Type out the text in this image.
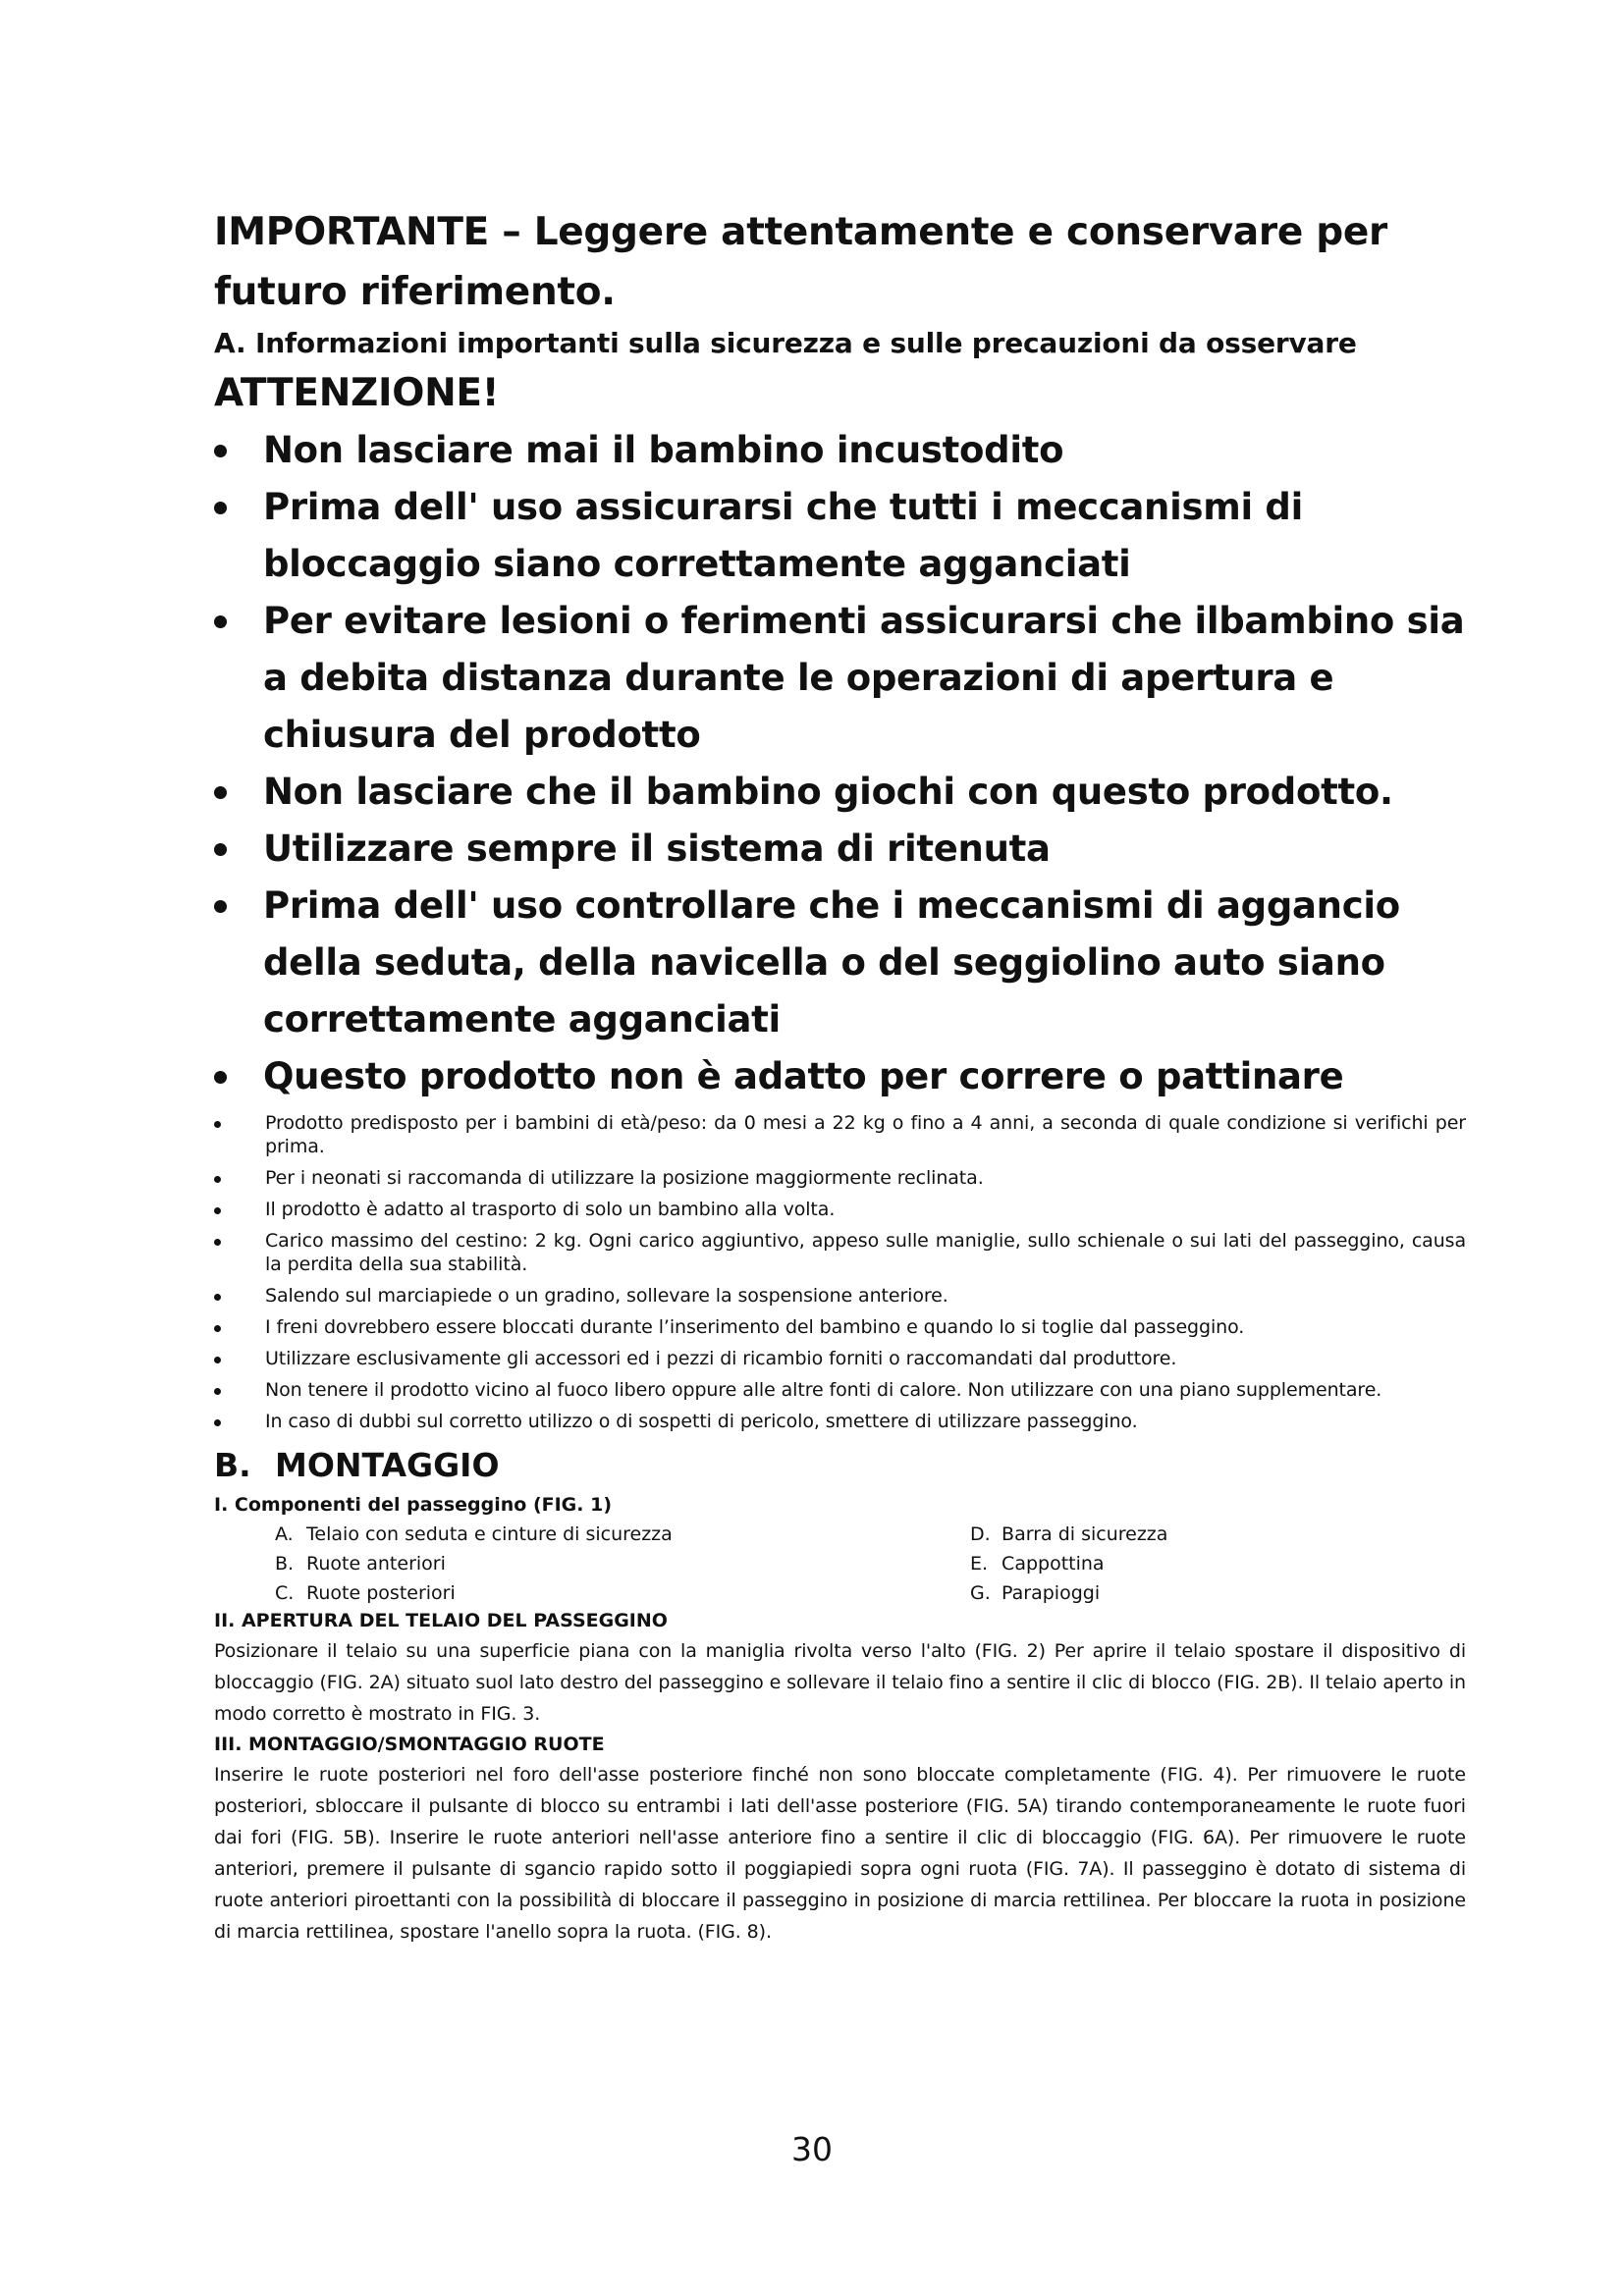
IMPORTANTE – Leggere attentamente e conservare per futuro riferimento.
A. Informazioni importanti sulla sicurezza e sulle precauzioni da osservare
ATTENZIONE!
Non lasciare mai il bambino incustodito
Prima dell' uso assicurarsi che tutti i meccanismi di bloccaggio siano correttamente agganciati
Per evitare lesioni o ferimenti assicurarsi che ilbambino sia a debita distanza durante le operazioni di apertura e chiusura del prodotto
Non lasciare che il bambino giochi con questo prodotto.
Utilizzare sempre il sistema di ritenuta
Prima dell' uso controllare che i meccanismi di aggancio della seduta, della navicella o del seggiolino auto siano correttamente agganciati
Questo prodotto non è adatto per correre o pattinare
Prodotto predisposto per i bambini di età/peso: da 0 mesi a 22 kg o fino a 4 anni, a seconda di quale condizione si verifichi per prima.
Per i neonati si raccomanda di utilizzare la posizione maggiormente reclinata.
Il prodotto è adatto al trasporto di solo un bambino alla volta.
Carico massimo del cestino: 2 kg. Ogni carico aggiuntivo, appeso sulle maniglie, sullo schienale o sui lati del passeggino, causa la perdita della sua stabilità.
Salendo sul marciapiede o un gradino, sollevare la sospensione anteriore.
I freni dovrebbero essere bloccati durante l’inserimento del bambino e quando lo si toglie dal passeggino.
Utilizzare esclusivamente gli accessori ed i pezzi di ricambio forniti o raccomandati dal produttore.
Non tenere il prodotto vicino al fuoco libero oppure alle altre fonti di calore. Non utilizzare con una piano supplementare.
In caso di dubbi sul corretto utilizzo o di sospetti di pericolo, smettere di utilizzare passeggino.
B. MONTAGGIO
I. Componenti del passeggino (FIG. 1)
A. Telaio con seduta e cinture di sicurezza
B. Ruote anteriori
C. Ruote posteriori
D. Barra di sicurezza
E. Cappottina
G. Parapioggi
II. APERTURA DEL TELAIO DEL PASSEGGINO

Posizionare il telaio su una superficie piana con la maniglia rivolta verso l'alto (FIG. 2) Per aprire il telaio spostare il dispositivo di bloccaggio (FIG. 2A) situato suol lato destro del passeggino e sollevare il telaio fino a sentire il clic di blocco (FIG. 2B). Il telaio aperto in modo corretto è mostrato in FIG. 3.

III. MONTAGGIO/SMONTAGGIO RUOTE

Inserire le ruote posteriori nel foro dell'asse posteriore finché non sono bloccate completamente (FIG. 4). Per rimuovere le ruote posteriori, sbloccare il pulsante di blocco su entrambi i lati dell'asse posteriore (FIG. 5A) tirando contemporaneamente le ruote fuori dai fori (FIG. 5B). Inserire le ruote anteriori nell'asse anteriore fino a sentire il clic di bloccaggio (FIG. 6A). Per rimuovere le ruote anteriori, premere il pulsante di sgancio rapido sotto il poggiapiedi sopra ogni ruota (FIG. 7A). Il passeggino è dotato di sistema di ruote anteriori piroettanti con la possibilità di bloccare il passeggino in posizione di marcia rettilinea. Per bloccare la ruota in posizione di marcia rettilinea, spostare l'anello sopra la ruota. (FIG. 8).

30
